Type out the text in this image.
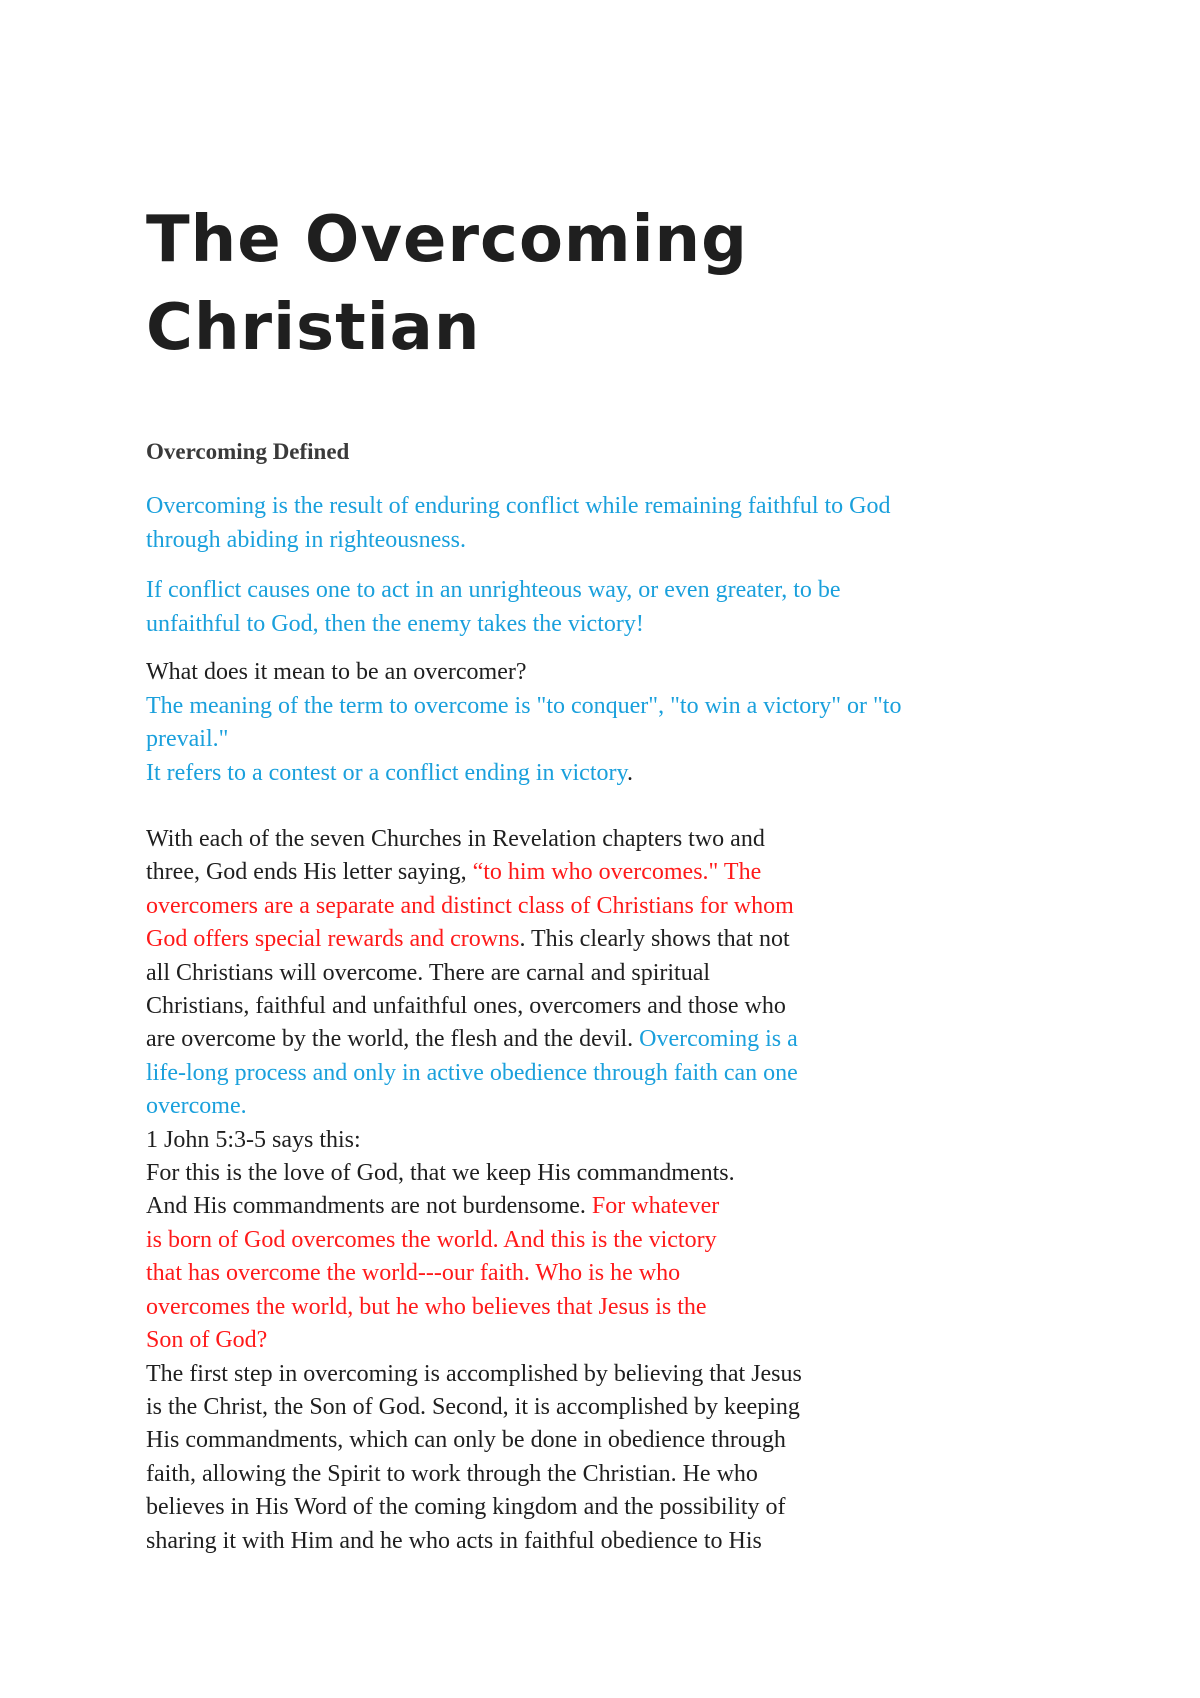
The Overcoming
Christian
Overcoming Defined

Overcoming is the result of enduring conflict while remaining faithful to God
through abiding in righteousness.

If conflict causes one to act in an unrighteous way, or even greater, to be
unfaithful to God, then the enemy takes the victory!

What does it mean to be an overcomer?
The meaning of the term to overcome is "to conquer", "to win a victory" or "to
prevail."
It refers to a contest or a conflict ending in victory.

With each of the seven Churches in Revelation chapters two and
three, God ends His letter saying, “to him who overcomes." The
overcomers are a separate and distinct class of Christians for whom
God offers special rewards and crowns. This clearly shows that not
all Christians will overcome. There are carnal and spiritual
Christians, faithful and unfaithful ones, overcomers and those who
are overcome by the world, the flesh and the devil. Overcoming is a
life-long process and only in active obedience through faith can one
overcome.
1 John 5:3-5 says this:
For this is the love of God, that we keep His commandments.
And His commandments are not burdensome. For whatever
is born of God overcomes the world. And this is the victory
that has overcome the world---our faith. Who is he who
overcomes the world, but he who believes that Jesus is the
Son of God?
The first step in overcoming is accomplished by believing that Jesus
is the Christ, the Son of God. Second, it is accomplished by keeping
His commandments, which can only be done in obedience through
faith, allowing the Spirit to work through the Christian. He who
believes in His Word of the coming kingdom and the possibility of
sharing it with Him and he who acts in faithful obedience to His
